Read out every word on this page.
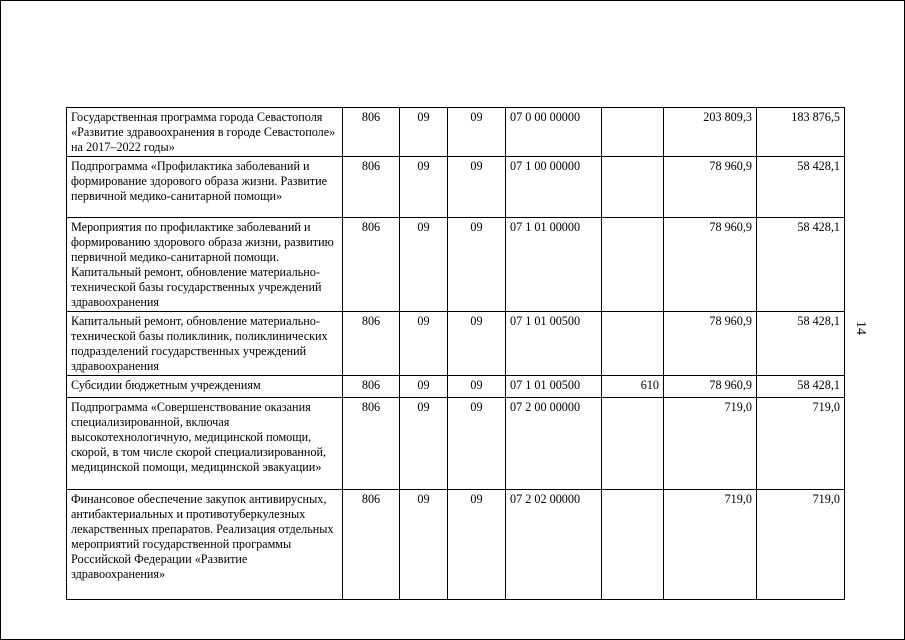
14
Государственная программа города Севастополя «Развитие здравоохранения в городе Севастополе» на 2017–2022 годы»	806	09	09	07 0 00 00000		203 809,3	183 876,5
Подпрограмма «Профилактика заболеваний и формирование здорового образа жизни. Развитие первичной медико-санитарной помощи»	806	09	09	07 1 00 00000		78 960,9	58 428,1
Мероприятия по профилактике заболеваний и формированию здорового образа жизни, развитию первичной медико-санитарной помощи. Капитальный ремонт, обновление материально-технической базы государственных учреждений здравоохранения	806	09	09	07 1 01 00000		78 960,9	58 428,1
Капитальный ремонт, обновление материально-технической базы поликлиник, поликлинических подразделений государственных учреждений здравоохранения	806	09	09	07 1 01 00500		78 960,9	58 428,1
Субсидии бюджетным учреждениям	806	09	09	07 1 01 00500	610	78 960,9	58 428,1
Подпрограмма «Совершенствование оказания специализированной, включая высокотехнологичную, медицинской помощи, скорой, в том числе скорой специализированной, медицинской помощи, медицинской эвакуации»	806	09	09	07 2 00 00000		719,0	719,0
Финансовое обеспечение закупок антивирусных, антибактериальных и противотуберкулезных лекарственных препаратов. Реализация отдельных мероприятий государственной программы Российской Федерации «Развитие здравоохранения»	806	09	09	07 2 02 00000		719,0	719,0
